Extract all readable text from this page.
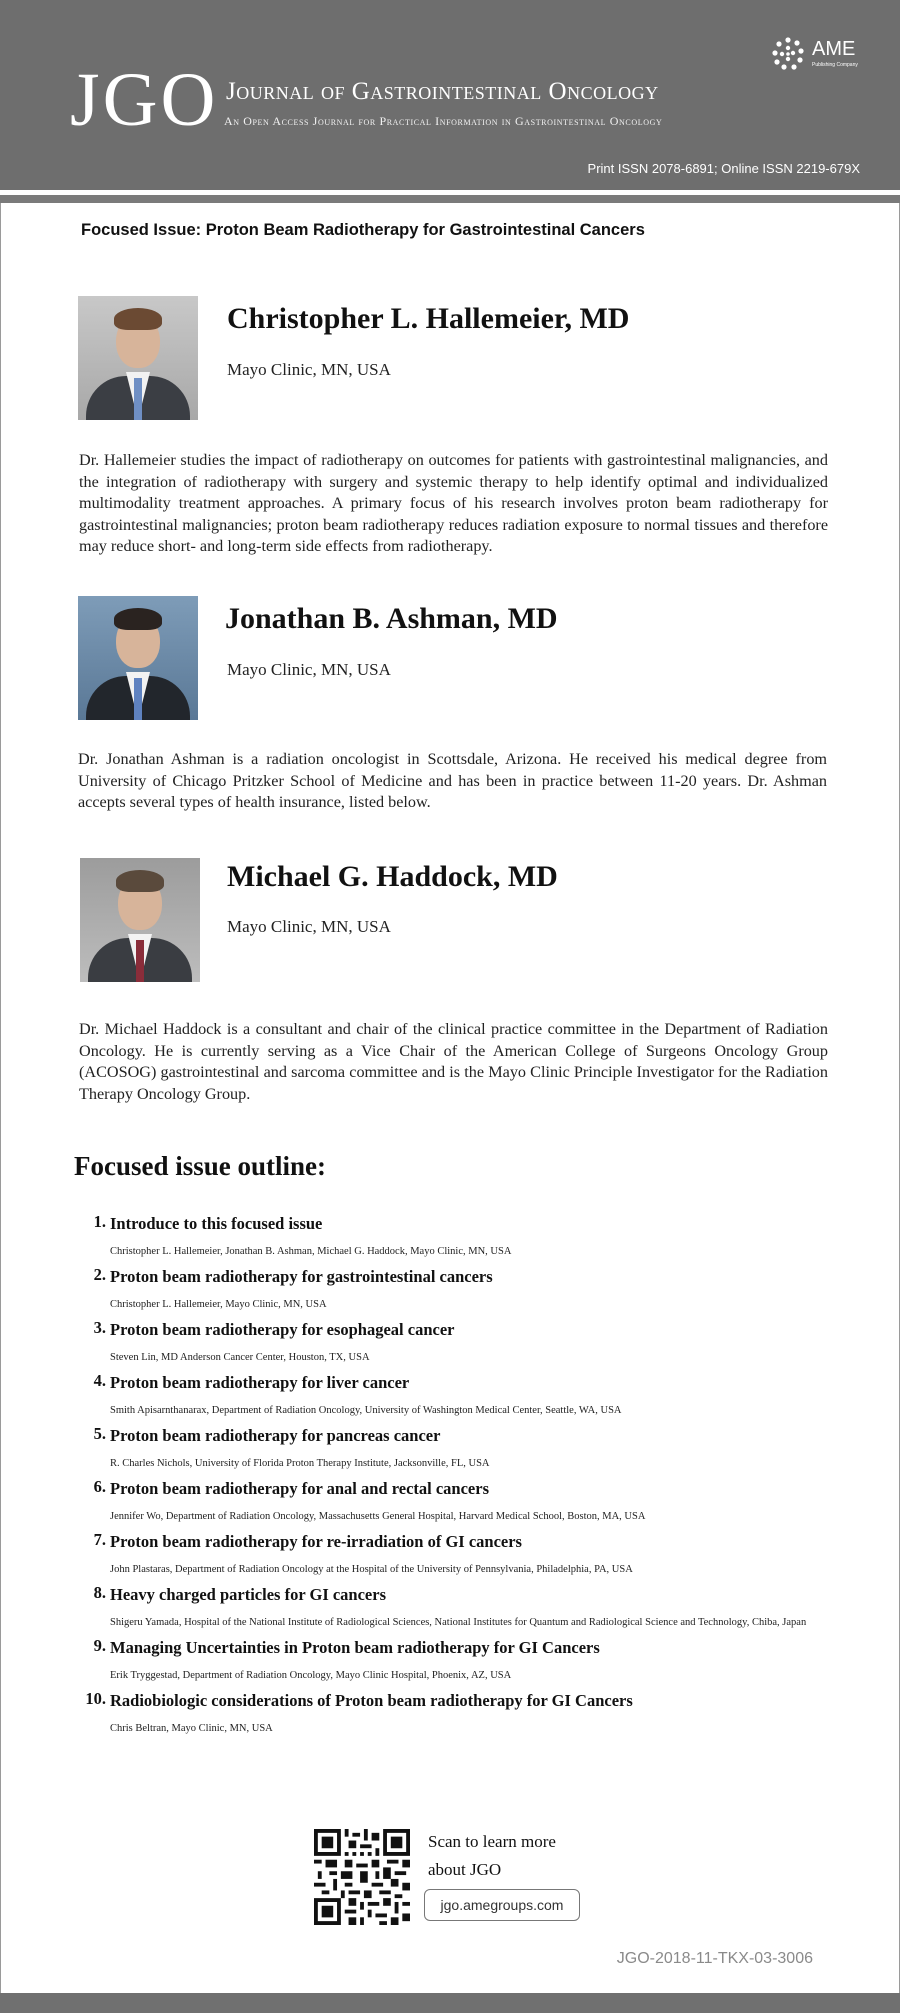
JGO Journal of Gastrointestinal Oncology
An Open Access Journal for Practical Information in Gastrointestinal Oncology
AME
Publishing Company
Print ISSN 2078-6891; Online ISSN 2219-679X
Focused Issue: Proton Beam Radiotherapy for Gastrointestinal Cancers
Christopher L. Hallemeier, MD
Mayo Clinic, MN, USA
Dr. Hallemeier studies the impact of radiotherapy on outcomes for patients with gastrointestinal malignancies, and the integration of radiotherapy with surgery and systemic therapy to help identify optimal and individualized multimodality treatment approaches. A primary focus of his research involves proton beam radiotherapy for gastrointestinal malignancies; proton beam radiotherapy reduces radiation exposure to normal tissues and therefore may reduce short- and long-term side effects from radiotherapy.
Jonathan B. Ashman, MD
Mayo Clinic, MN, USA
Dr. Jonathan Ashman is a radiation oncologist in Scottsdale, Arizona. He received his medical degree from University of Chicago Pritzker School of Medicine and has been in practice between 11-20 years. Dr. Ashman accepts several types of health insurance, listed below.
Michael G. Haddock, MD
Mayo Clinic, MN, USA
Dr. Michael Haddock is a consultant and chair of the clinical practice committee in the Department of Radiation Oncology. He is currently serving as a Vice Chair of the American College of Surgeons Oncology Group (ACOSOG) gastrointestinal and sarcoma committee and is the Mayo Clinic Principle Investigator for the Radiation Therapy Oncology Group.
Focused issue outline:
1. Introduce to this focused issue
Christopher L. Hallemeier, Jonathan B. Ashman, Michael G. Haddock, Mayo Clinic, MN, USA
2. Proton beam radiotherapy for gastrointestinal cancers
Christopher L. Hallemeier, Mayo Clinic, MN, USA
3. Proton beam radiotherapy for esophageal cancer
Steven Lin, MD Anderson Cancer Center, Houston, TX, USA
4. Proton beam radiotherapy for liver cancer
Smith Apisarnthanarax, Department of Radiation Oncology, University of Washington Medical Center, Seattle, WA, USA
5. Proton beam radiotherapy for pancreas cancer
R. Charles Nichols, University of Florida Proton Therapy Institute, Jacksonville, FL, USA
6. Proton beam radiotherapy for anal and rectal cancers
Jennifer Wo, Department of Radiation Oncology, Massachusetts General Hospital, Harvard Medical School, Boston, MA, USA
7. Proton beam radiotherapy for re-irradiation of GI cancers
John Plastaras, Department of Radiation Oncology at the Hospital of the University of Pennsylvania, Philadelphia, PA, USA
8. Heavy charged particles for GI cancers
Shigeru Yamada, Hospital of the National Institute of Radiological Sciences, National Institutes for Quantum and Radiological Science and Technology, Chiba, Japan
9. Managing Uncertainties in Proton beam radiotherapy for GI Cancers
Erik Tryggestad, Department of Radiation Oncology, Mayo Clinic Hospital, Phoenix, AZ, USA
10. Radiobiologic considerations of Proton beam radiotherapy for GI Cancers
Chris Beltran, Mayo Clinic, MN, USA
Scan to learn more
about JGO
jgo.amegroups.com
JGO-2018-11-TKX-03-3006
